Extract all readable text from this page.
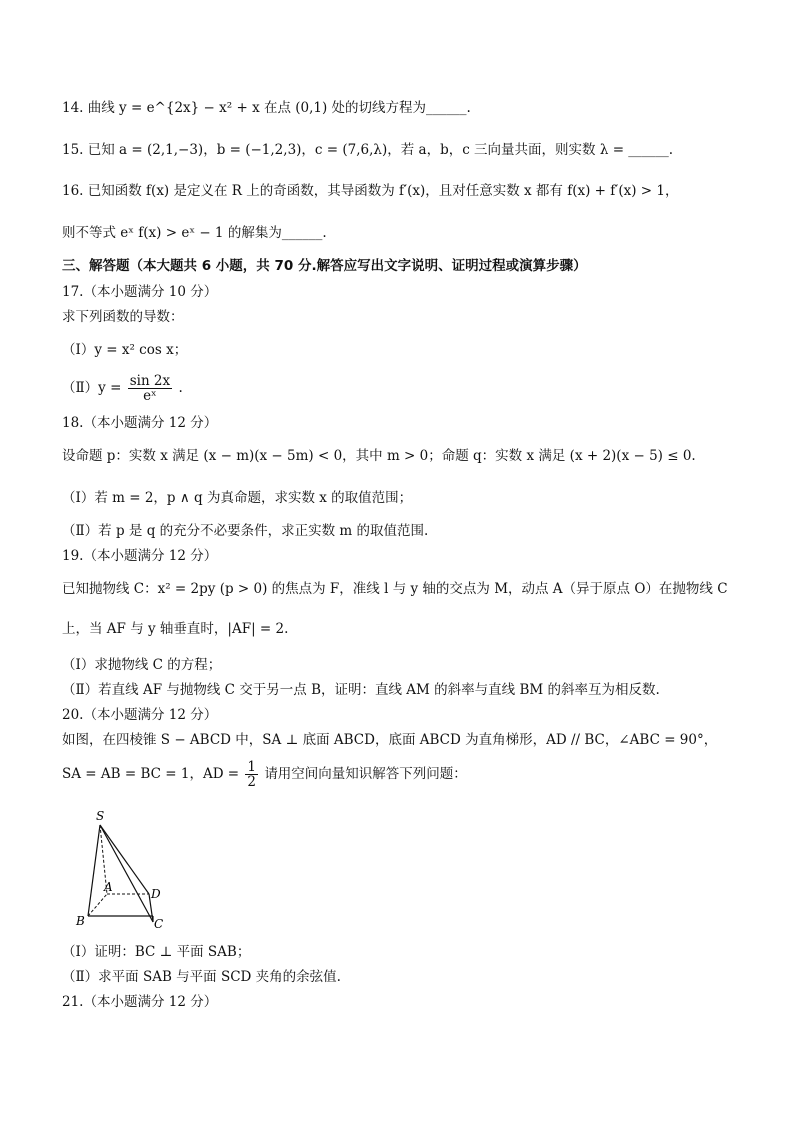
14. 曲线 y = e^{2x} − x² + x 在点 (0,1) 处的切线方程为______.
15. 已知 a = (2,1,−3)，b = (−1,2,3)，c = (7,6,λ)，若 a，b，c 三向量共面，则实数 λ = ______.
16. 已知函数 f(x) 是定义在 R 上的奇函数，其导函数为 f′(x)，且对任意实数 x 都有 f(x) + f′(x) > 1，
则不等式 eˣ f(x) > eˣ − 1 的解集为______.
三、解答题（本大题共 6 小题，共 70 分.解答应写出文字说明、证明过程或演算步骤）
17.（本小题满分 10 分）
求下列函数的导数：
（Ⅰ）y = x² cos x；
（Ⅱ）y = $\frac{\sin 2x}{\text{eˣ}}$ .
18.（本小题满分 12 分）
设命题 p：实数 x 满足 (x − m)(x − 5m) < 0，其中 m > 0；命题 q：实数 x 满足 (x + 2)(x − 5) ≤ 0.
（Ⅰ）若 m = 2，p ∧ q 为真命题，求实数 x 的取值范围；
（Ⅱ）若 p 是 q 的充分不必要条件，求正实数 m 的取值范围.
19.（本小题满分 12 分）
已知抛物线 C：x² = 2py (p > 0) 的焦点为 F，准线 l 与 y 轴的交点为 M，动点 A（异于原点 O）在抛物线 C
上，当 AF 与 y 轴垂直时，|AF| = 2.
（Ⅰ）求抛物线 C 的方程；
（Ⅱ）若直线 AF 与抛物线 C 交于另一点 B，证明：直线 AM 的斜率与直线 BM 的斜率互为相反数.
20.（本小题满分 12 分）
如图，在四棱锥 S − ABCD 中，SA ⊥ 底面 ABCD，底面 ABCD 为直角梯形，AD // BC，∠ABC = 90°，
SA = AB = BC = 1，AD = $\frac{1}{2}$ 请用空间向量知识解答下列问题：
S
A	D
B	C
（Ⅰ）证明：BC ⊥ 平面 SAB；
（Ⅱ）求平面 SAB 与平面 SCD 夹角的余弦值.
21.（本小题满分 12 分）
